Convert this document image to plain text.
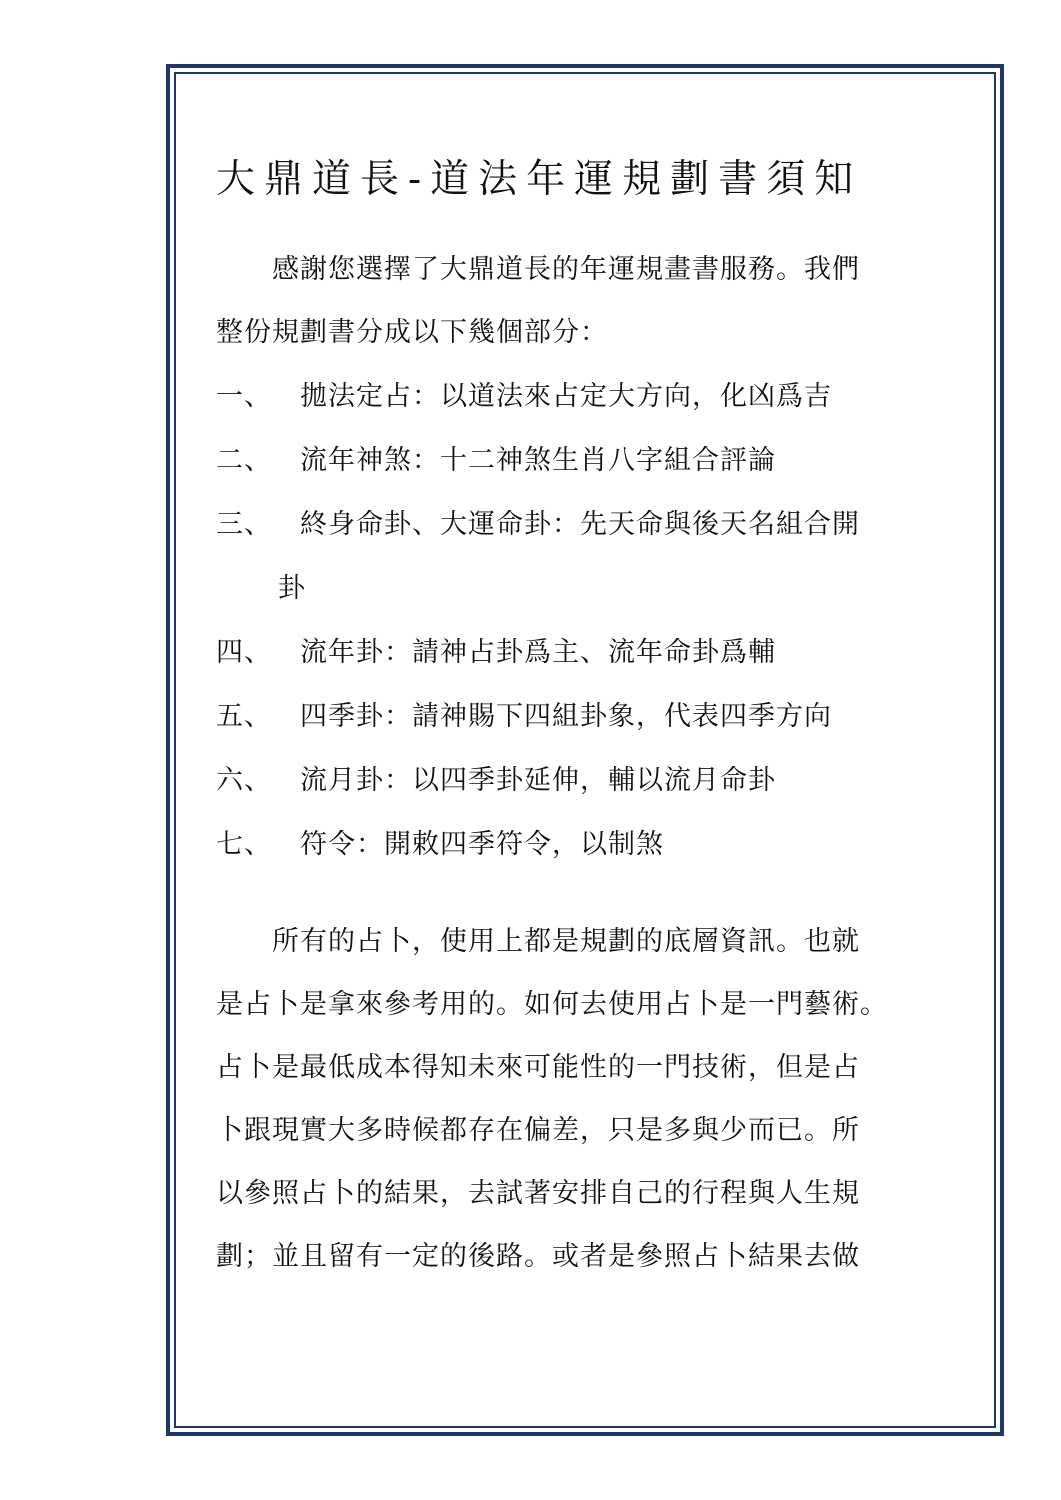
大鼎道長-道法年運規劃書須知
感謝您選擇了大鼎道長的年運規畫書服務。我們
整份規劃書分成以下幾個部分：
一、 拋法定占：以道法來占定大方向，化凶爲吉
二、 流年神煞：十二神煞生肖八字組合評論
三、 終身命卦、大運命卦：先天命與後天名組合開
卦
四、 流年卦：請神占卦爲主、流年命卦爲輔
五、 四季卦：請神賜下四組卦象，代表四季方向
六、 流月卦：以四季卦延伸，輔以流月命卦
七、 符令：開敕四季符令，以制煞
所有的占卜，使用上都是規劃的底層資訊。也就
是占卜是拿來參考用的。如何去使用占卜是一門藝術。
占卜是最低成本得知未來可能性的一門技術，但是占
卜跟現實大多時候都存在偏差，只是多與少而已。所
以參照占卜的結果，去試著安排自己的行程與人生規
劃；並且留有一定的後路。或者是參照占卜結果去做
